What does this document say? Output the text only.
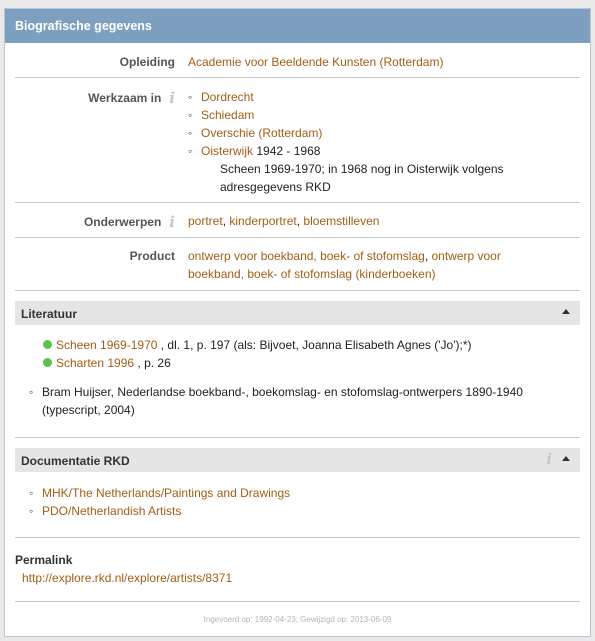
Biografische gegevens
Opleiding Academie voor Beeldende Kunsten (Rotterdam)
Werkzaam in i
◦	Dordrecht
◦ Schiedam
◦ Overschie (Rotterdam)
◦ Oisterwijk 1942 - 1968
Scheen 1969-1970; in 1968 nog in Oisterwijk volgens
adresgegevens RKD
Onderwerpen i portret, kinderportret, bloemstilleven
Product ontwerp voor boekband, boek- of stofomslag, ontwerp voor
boekband, boek- of stofomslag (kinderboeken)
Literatuur
Scheen 1969-1970 , dl. 1, p. 197 (als: Bijvoet, Joanna Elisabeth Agnes ('Jo');*)
Scharten 1996 , p. 26
◦ Bram Huijser, Nederlandse boekband-, boekomslag- en stofomslag-ontwerpers 1890-1940
(typescript, 2004)
Documentatie RKD	i
◦ MHK/The Netherlands/Paintings and Drawings
◦ PDO/Netherlandish Artists
Permalink
http://explore.rkd.nl/explore/artists/8371
Ingevoerd op: 1992-04-23; Gewijzigd op: 2013-06-09
